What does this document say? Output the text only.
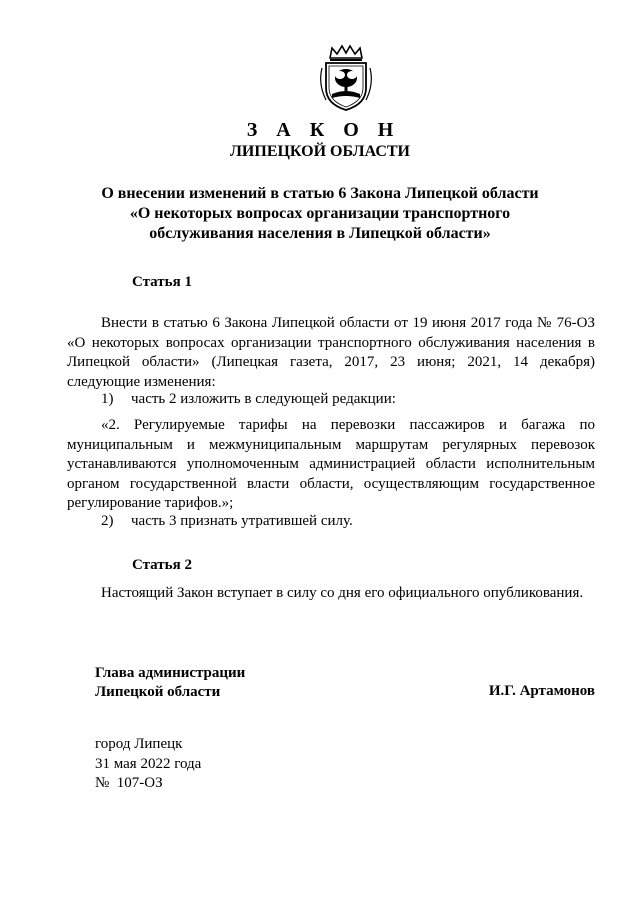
З А К О Н
ЛИПЕЦКОЙ ОБЛАСТИ
О внесении изменений в статью 6 Закона Липецкой области
«О некоторых вопросах организации транспортного
обслуживания населения в Липецкой области»
Статья 1

Внести в статью 6 Закона Липецкой области от 19 июня 2017 года № 76-ОЗ «О некоторых вопросах организации транспортного обслуживания населения в Липецкой области» (Липецкая газета, 2017, 23 июня; 2021, 14 декабря) следующие изменения:

1) часть 2 изложить в следующей редакции:

«2. Регулируемые тарифы на перевозки пассажиров и багажа по муниципальным и межмуниципальным маршрутам регулярных перевозок устанавливаются уполномоченным администрацией области исполнительным органом государственной власти области, осуществляющим государственное регулирование тарифов.»;

2) часть 3 признать утратившей силу.
Статья 2
Настоящий Закон вступает в силу со дня его официального опубликования.
Глава администрации
Липецкой области	И.Г. Артамонов
город Липецк
31 мая 2022 года
№  107-ОЗ
